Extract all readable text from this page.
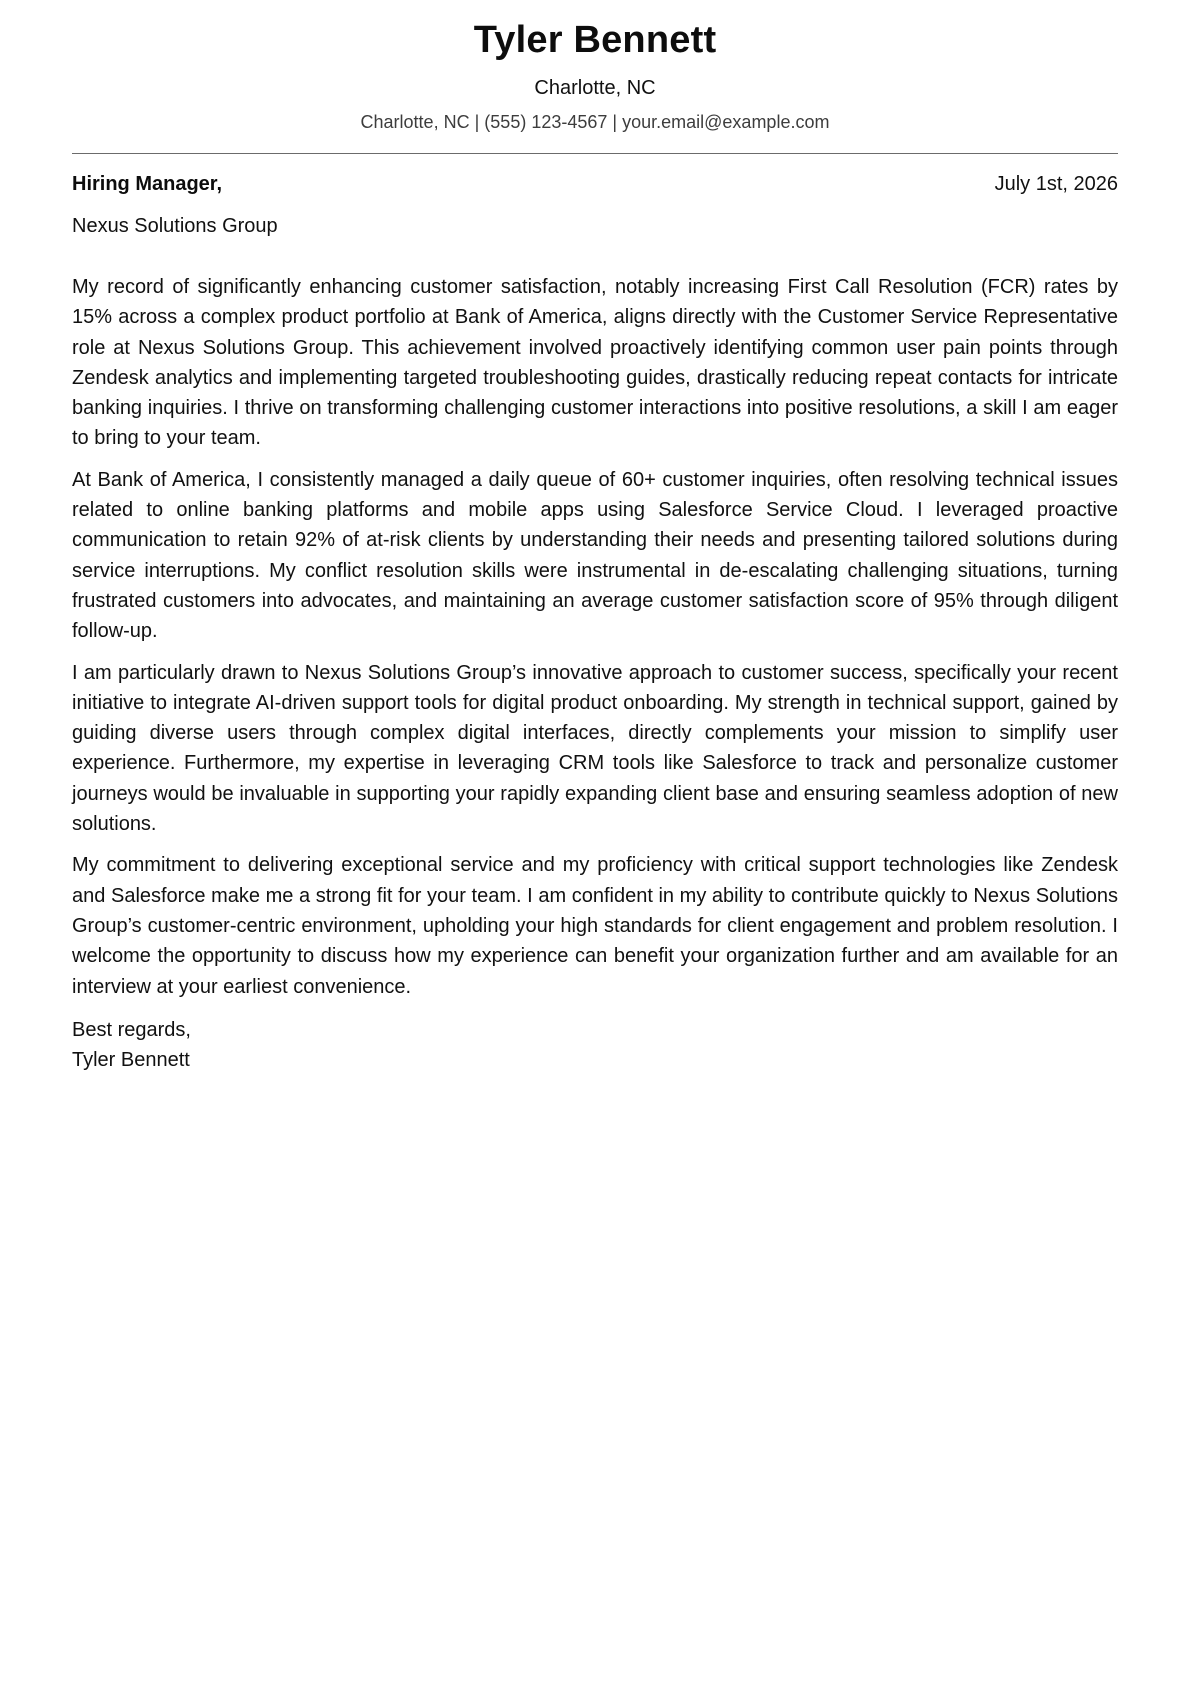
Tyler Bennett
Charlotte, NC
Charlotte, NC | (555) 123-4567 | your.email@example.com
Hiring Manager,	July 1st, 2026
Nexus Solutions Group

My record of significantly enhancing customer satisfaction, notably increasing First Call Resolution (FCR) rates by 15% across a complex product portfolio at Bank of America, aligns directly with the Customer Service Representative role at Nexus Solutions Group. This achievement involved proactively identifying common user pain points through Zendesk analytics and implementing targeted troubleshooting guides, drastically reducing repeat contacts for intricate banking inquiries. I thrive on transforming challenging customer interactions into positive resolutions, a skill I am eager to bring to your team.

At Bank of America, I consistently managed a daily queue of 60+ customer inquiries, often resolving technical issues related to online banking platforms and mobile apps using Salesforce Service Cloud. I leveraged proactive communication to retain 92% of at-risk clients by understanding their needs and presenting tailored solutions during service interruptions. My conflict resolution skills were instrumental in de-escalating challenging situations, turning frustrated customers into advocates, and maintaining an average customer satisfaction score of 95% through diligent follow-up.

I am particularly drawn to Nexus Solutions Group’s innovative approach to customer success, specifically your recent initiative to integrate AI-driven support tools for digital product onboarding. My strength in technical support, gained by guiding diverse users through complex digital interfaces, directly complements your mission to simplify user experience. Furthermore, my expertise in leveraging CRM tools like Salesforce to track and personalize customer journeys would be invaluable in supporting your rapidly expanding client base and ensuring seamless adoption of new solutions.

My commitment to delivering exceptional service and my proficiency with critical support technologies like Zendesk and Salesforce make me a strong fit for your team. I am confident in my ability to contribute quickly to Nexus Solutions Group’s customer-centric environment, upholding your high standards for client engagement and problem resolution. I welcome the opportunity to discuss how my experience can benefit your organization further and am available for an interview at your earliest convenience.

Best regards,
Tyler Bennett
